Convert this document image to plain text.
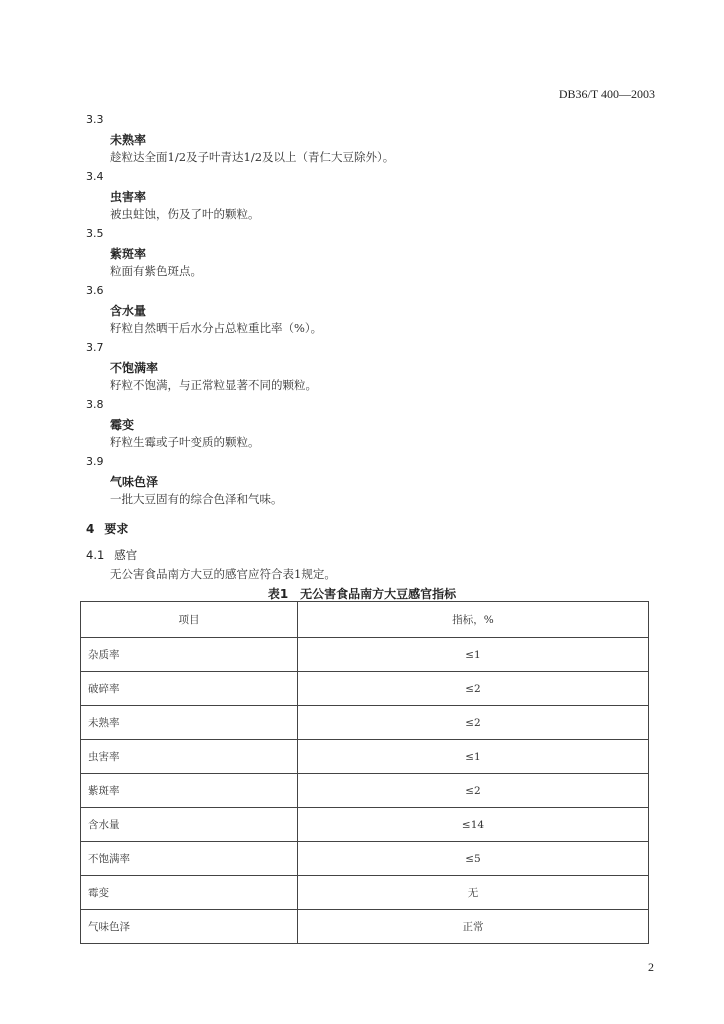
DB36/T 400—2003
3.3
未熟率
趁粒达全面1/2及子叶青达1/2及以上（青仁大豆除外）。
3.4
虫害率
被虫蛀蚀，伤及了叶的颗粒。
3.5
紫斑率
粒面有紫色斑点。
3.6
含水量
籽粒自然晒干后水分占总粒重比率（%）。
3.7
不饱满率
籽粒不饱满，与正常粒显著不同的颗粒。
3.8
霉变
籽粒生霉或子叶变质的颗粒。
3.9
气味色泽
一批大豆固有的综合色泽和气味。
4 要求
4.1 感官
无公害食品南方大豆的感官应符合表1规定。
表1　无公害食品南方大豆感官指标
项目	指标，%
杂质率	≤1
破碎率	≤2
未熟率	≤2
虫害率	≤1
紫斑率	≤2
含水量	≤14
不饱满率	≤5
霉变	无
气味色泽	正常
2
